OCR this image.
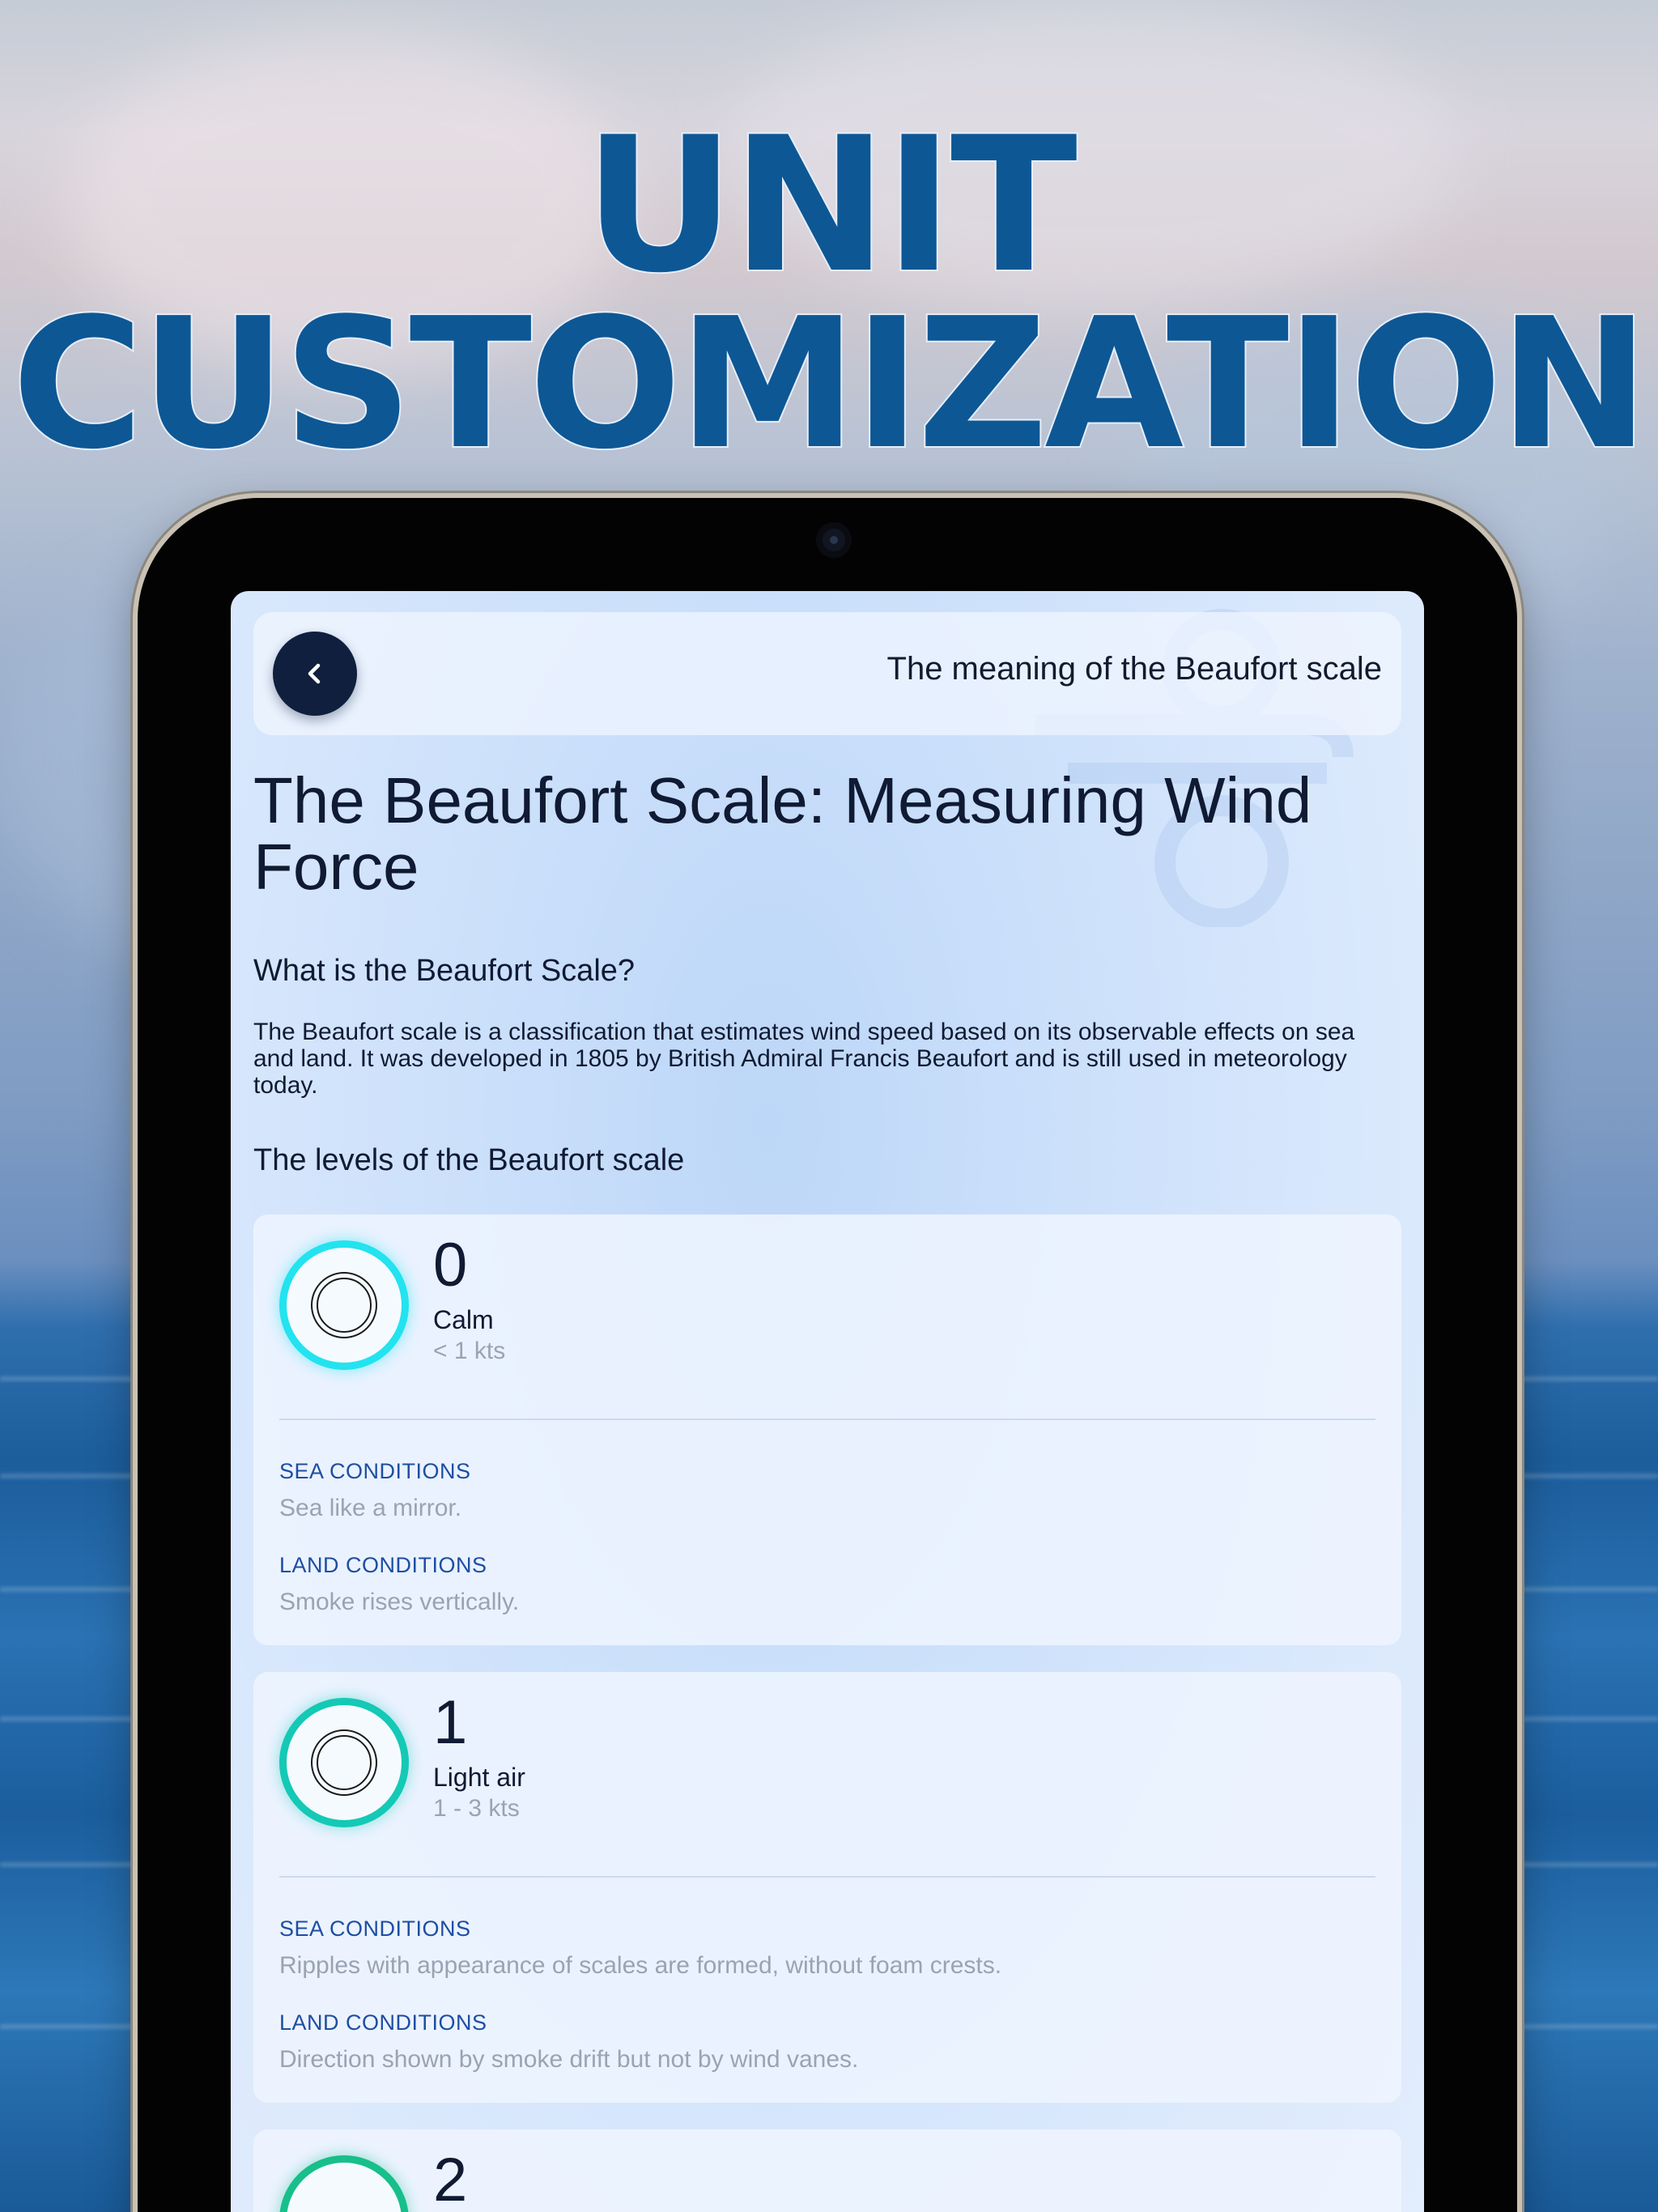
UNIT
CUSTOMIZATION
The meaning of the Beaufort scale
The Beaufort Scale: Measuring Wind Force
What is the Beaufort Scale?
The Beaufort scale is a classification that estimates wind speed based on its observable effects on sea and land. It was developed in 1805 by British Admiral Francis Beaufort and is still used in meteorology today.
The levels of the Beaufort scale
0
Calm
< 1 kts
SEA CONDITIONS
Sea like a mirror.
LAND CONDITIONS
Smoke rises vertically.
1
Light air
1 - 3 kts
SEA CONDITIONS
Ripples with appearance of scales are formed, without foam crests.
LAND CONDITIONS
Direction shown by smoke drift but not by wind vanes.
2
